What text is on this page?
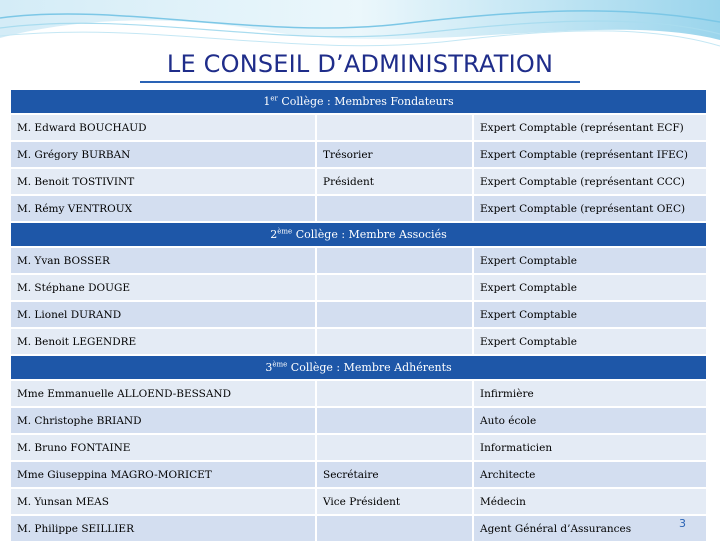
LE CONSEIL D’ADMINISTRATION
1er Collège : Membres Fondateurs		
M. Edward BOUCHAUD		Expert Comptable (représentant ECF)
M. Grégory BURBAN	Trésorier	Expert Comptable (représentant IFEC)
M. Benoit TOSTIVINT	Président	Expert Comptable (représentant CCC)
M. Rémy VENTROUX		Expert Comptable (représentant OEC)
2ème Collège : Membre Associés		
M. Yvan BOSSER		Expert Comptable
M. Stéphane DOUGE		Expert Comptable
M. Lionel DURAND		Expert Comptable
M. Benoit LEGENDRE		Expert Comptable
3ème Collège : Membre Adhérents		
Mme Emmanuelle ALLOEND-BESSAND		Infirmière
M. Christophe BRIAND		Auto école
M. Bruno FONTAINE		Informaticien
Mme Giuseppina MAGRO-MORICET	Secrétaire	Architecte
M. Yunsan MEAS	Vice Président	Médecin
M. Philippe SEILLIER		Agent Général d’Assurances	3
